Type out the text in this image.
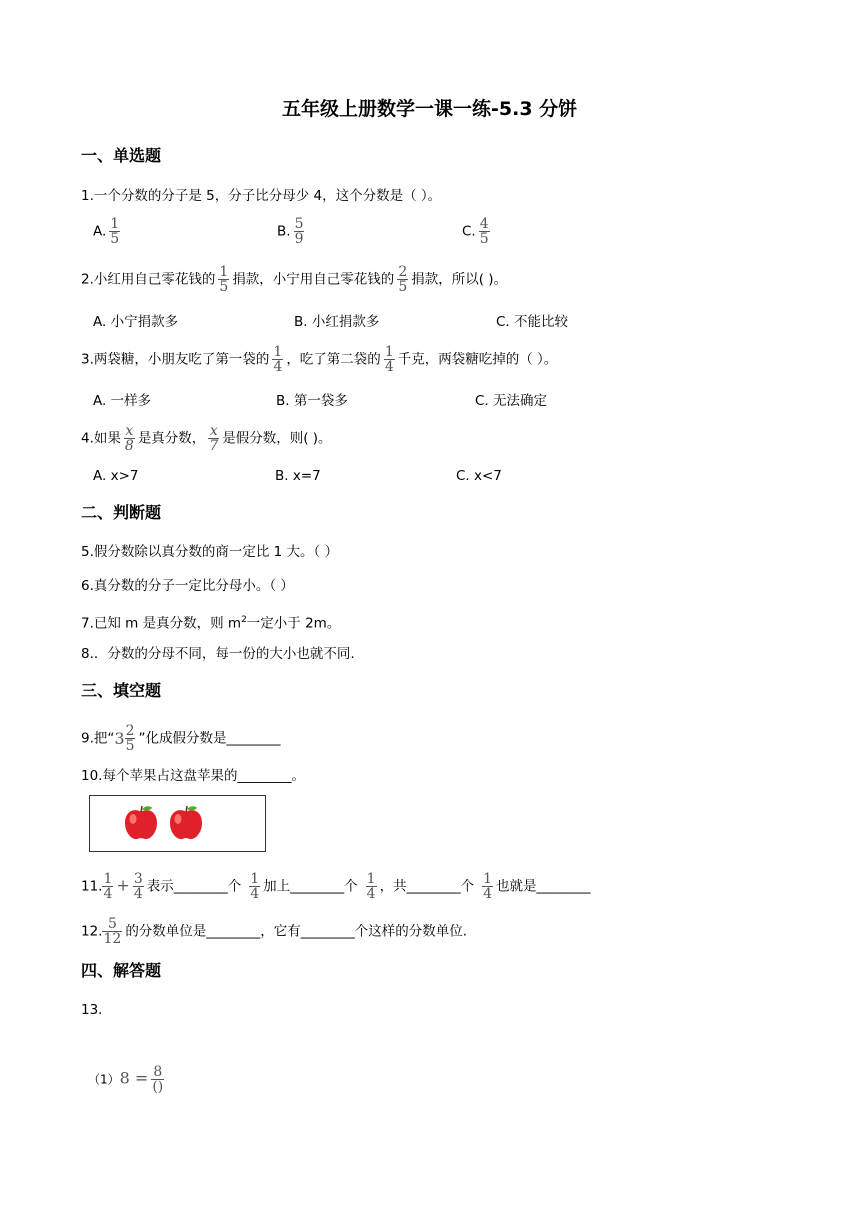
五年级上册数学一课一练-5.3 分饼
一、单选题
1.一个分数的分子是 5，分子比分母少 4，这个分数是（ ）。
A. $\frac{1}{5}$	B. $\frac{5}{9}$	C. $\frac{4}{5}$
2.小红用自己零花钱的 $\frac{1}{5}$ 捐款，小宁用自己零花钱的 $\frac{2}{5}$ 捐款，所以( )。
A. 小宁捐款多	B. 小红捐款多	C. 不能比较
3.两袋糖，小朋友吃了第一袋的 $\frac{1}{4}$ ，吃了第二袋的 $\frac{1}{4}$ 千克，两袋糖吃掉的（ ）。
A. 一样多	B. 第一袋多	C. 无法确定
4.如果 $\frac{x}{8}$ 是真分数， $\frac{x}{7}$ 是假分数，则( )。
A. x>7	B. x=7	C. x<7
二、判断题
5.假分数除以真分数的商一定比 1 大。（ ）
6.真分数的分子一定比分母小。（ ）
7.已知 m 是真分数，则 $m^2$一定小于 2m。
8.．分数的分母不同，每一份的大小也就不同.
三、填空题
9.把“$3 \frac{2}{5}$ ”化成假分数是________
10.每个苹果占这盘苹果的________。
11. $\frac{1}{4} + \frac{3}{4}$ 表示________个 $\frac{1}{4}$ 加上________个 $\frac{1}{4}$ ，共________个 $\frac{1}{4}$ 也就是________
12. $\frac{5}{12}$ 的分数单位是________，它有________个这样的分数单位.
四、解答题
13.
$(1)8 = \frac{8}{()}$
